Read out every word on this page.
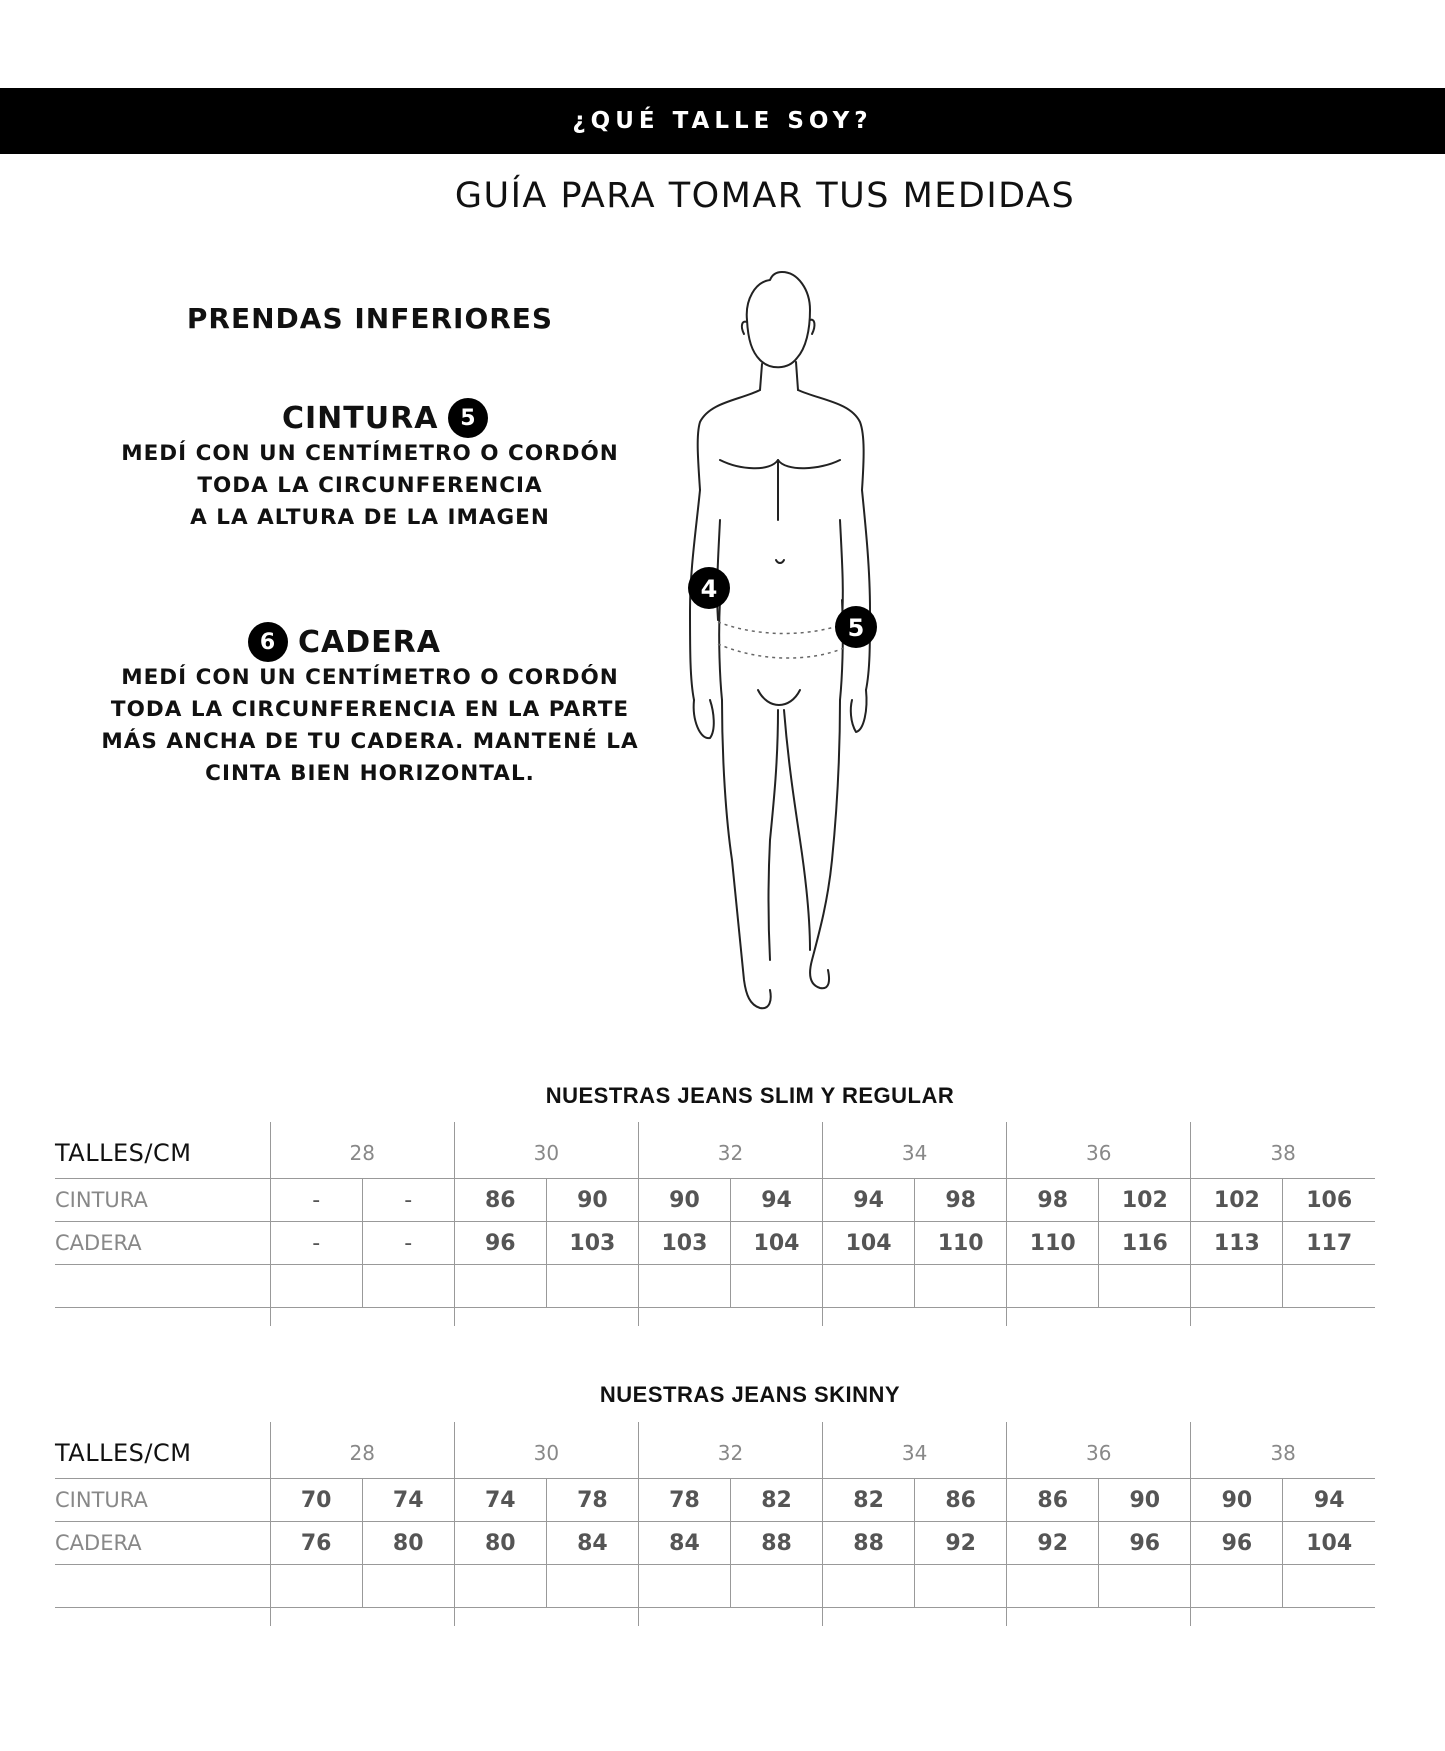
¿QUÉ TALLE SOY?
GUÍA PARA TOMAR TUS MEDIDAS
PRENDAS INFERIORES
CINTURA 5
MEDÍ CON UN CENTÍMETRO O CORDÓN
TODA LA CIRCUNFERENCIA
A LA ALTURA DE LA IMAGEN
6 CADERA
MEDÍ CON UN CENTÍMETRO O CORDÓN
TODA LA CIRCUNFERENCIA EN LA PARTE
MÁS ANCHA DE TU CADERA. MANTENÉ LA
CINTA BIEN HORIZONTAL.
4
5
NUESTRAS JEANS SLIM Y REGULAR
TALLES/CM	28		30		32		34		36		38	
CINTURA	-	-	86	90	90	94	94	98	98	102	102	106
CADERA	-	-	96	103	103	104	104	110	110	116	113	117

NUESTRAS JEANS SKINNY
TALLES/CM	28		30		32		34		36		38	
CINTURA	70	74	74	78	78	82	82	86	86	90	90	94
CADERA	76	80	80	84	84	88	88	92	92	96	96	104
